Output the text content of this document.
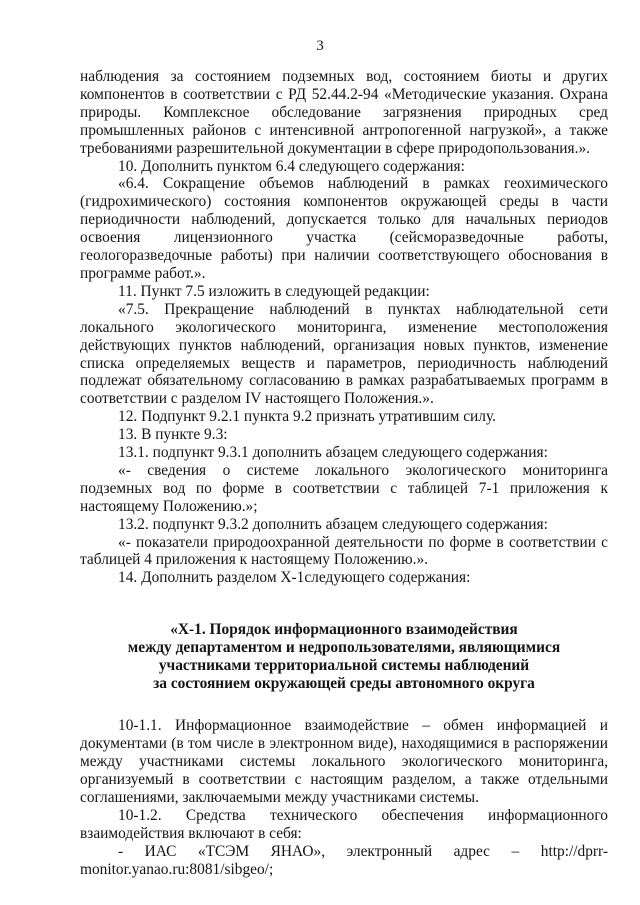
3

наблюдения за состоянием подземных вод, состоянием биоты и других компонентов в соответствии с РД 52.44.2-94 «Методические указания. Охрана природы. Комплексное обследование загрязнения природных сред промышленных районов с интенсивной антропогенной нагрузкой», а также требованиями разрешительной документации в сфере природопользования.».

10. Дополнить пунктом 6.4 следующего содержания:

«6.4. Сокращение объемов наблюдений в рамках геохимического (гидрохимического) состояния компонентов окружающей среды в части периодичности наблюдений, допускается только для начальных периодов освоения лицензионного участка (сейсморазведочные работы, геологоразведочные работы) при наличии соответствующего обоснования в программе работ.».

11. Пункт 7.5 изложить в следующей редакции:

«7.5. Прекращение наблюдений в пунктах наблюдательной сети локального экологического мониторинга, изменение местоположения действующих пунктов наблюдений, организация новых пунктов, изменение списка определяемых веществ и параметров, периодичность наблюдений подлежат обязательному согласованию в рамках разрабатываемых программ в соответствии с разделом IV настоящего Положения.».

12. Подпункт 9.2.1 пункта 9.2 признать утратившим силу.

13. В пункте 9.3:

13.1. подпункт 9.3.1 дополнить абзацем следующего содержания:

«- сведения о системе локального экологического мониторинга подземных вод по форме в соответствии с таблицей 7-1 приложения к настоящему Положению.»;

13.2. подпункт 9.3.2 дополнить абзацем следующего содержания:

«- показатели природоохранной деятельности по форме в соответствии с таблицей 4 приложения к настоящему Положению.».

14. Дополнить разделом Х-1следующего содержания:

«Х-1. Порядок информационного взаимодействия

между департаментом и недропользователями, являющимися

участниками территориальной системы наблюдений

за состоянием окружающей среды автономного округа

10-1.1. Информационное взаимодействие – обмен информацией и документами (в том числе в электронном виде), находящимися в распоряжении между участниками системы локального экологического мониторинга, организуемый в соответствии с настоящим разделом, а также отдельными соглашениями, заключаемыми между участниками системы.

10-1.2. Средства технического обеспечения информационного взаимодействия включают в себя:

- ИАС «ТСЭМ ЯНАО», электронный адрес – http://dprr-monitor.yanao.ru:8081/sibgeo/;
